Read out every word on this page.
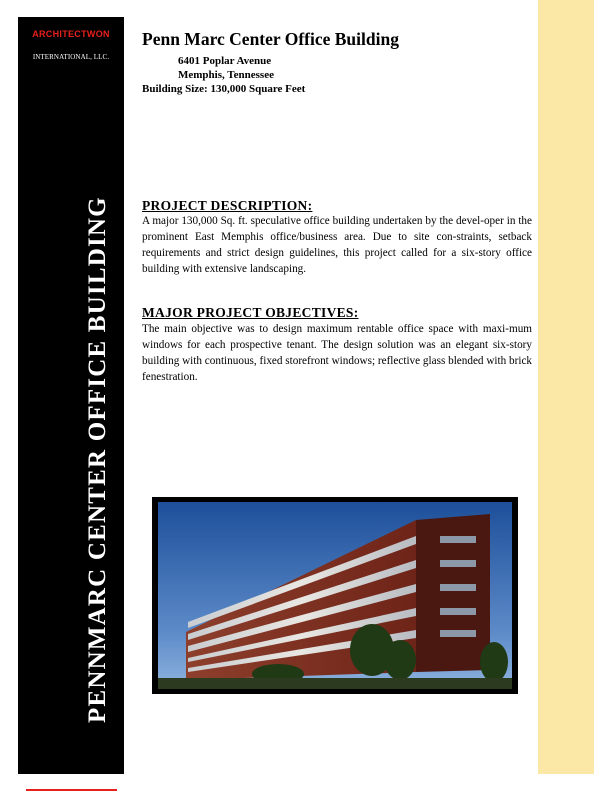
ARCHITECTWON
INTERNATIONAL, LLC.
PENNMARC CENTER OFFICE BUILDING
Penn Marc Center Office Building
6401 Poplar Avenue
Memphis, Tennessee
Building Size: 130,000 Square Feet
PROJECT DESCRIPTION:
A major 130,000 Sq. ft. speculative office building undertaken by the devel-oper in the prominent East Memphis office/business area. Due to site con-straints, setback requirements and strict design guidelines, this project called for a six-story office building with extensive landscaping.
MAJOR PROJECT OBJECTIVES:
The main objective was to design maximum rentable office space with maxi-mum windows for each prospective tenant. The design solution was an elegant six-story building with continuous, fixed storefront windows; reflective glass blended with brick fenestration.
